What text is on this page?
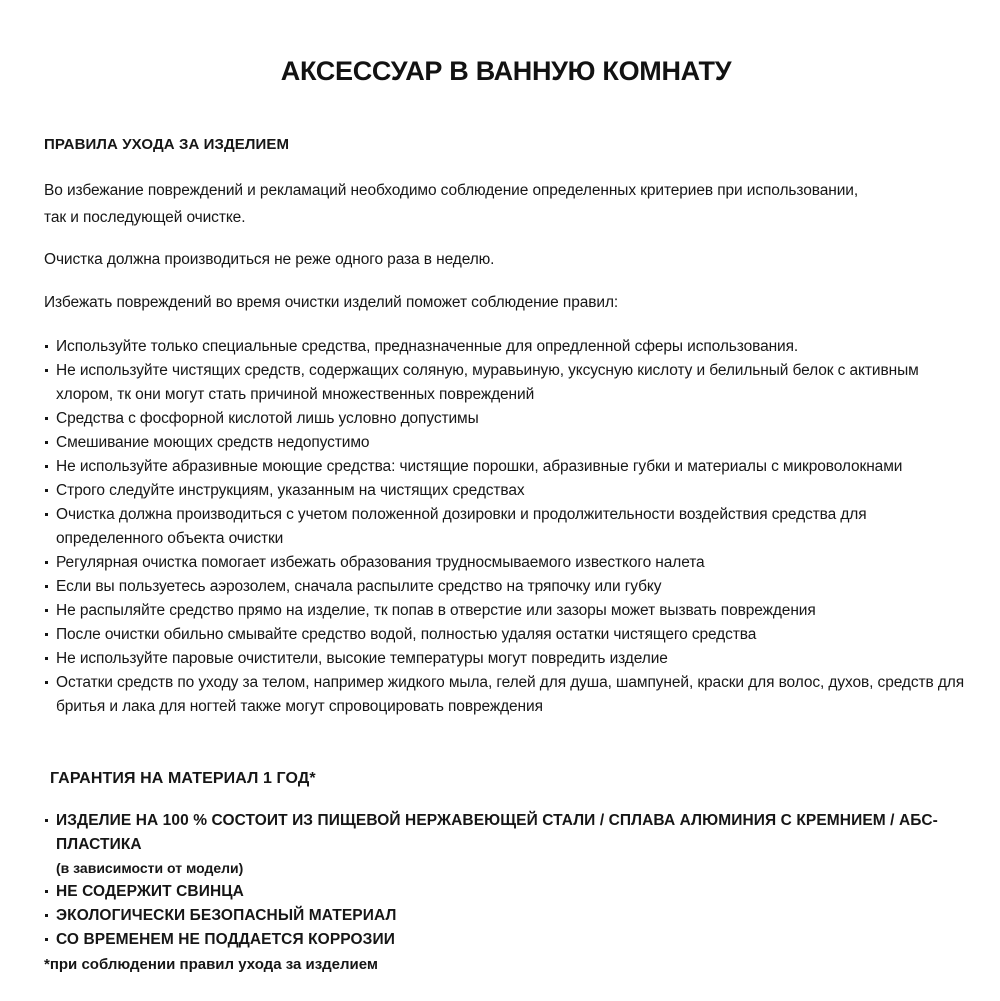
АКСЕССУАР В ВАННУЮ КОМНАТУ
ПРАВИЛА УХОДА ЗА ИЗДЕЛИЕМ

Во избежание повреждений и рекламаций необходимо соблюдение определенных критериев при использовании,
так и последующей очистке.

Очистка должна производиться не реже одного раза в неделю.

Избежать повреждений во время очистки изделий поможет соблюдение правил:

Используйте только специальные средства, предназначенные для опредленной сферы использования.
Не используйте чистящих средств, содержащих соляную, муравьиную, уксусную кислоту и белильный белок с активным хлором, тк они могут стать причиной множественных повреждений
Средства с фосфорной кислотой лишь условно допустимы
Смешивание моющих средств недопустимо
Не используйте абразивные моющие средства: чистящие порошки, абразивные губки и материалы с микроволокнами
Строго следуйте инструкциям, указанным на чистящих средствах
Очистка должна производиться с учетом положенной дозировки и продолжительности воздействия средства для определенного объекта очистки
Регулярная очистка помогает избежать образования трудносмываемого известкого налета
Если вы пользуетесь аэрозолем, сначала распылите средство на тряпочку или губку
Не распыляйте средство прямо на изделие, тк попав в отверстие или зазоры может вызвать повреждения
После очистки обильно смывайте средство водой, полностью удаляя остатки чистящего средства
Не используйте паровые очистители, высокие температуры могут повредить изделие
Остатки средств по уходу за телом, например жидкого мыла, гелей для душа, шампуней, краски для волос, духов, средств для бритья и лака для ногтей также могут спровоцировать повреждения
ГАРАНТИЯ НА МАТЕРИАЛ 1 ГОД*
ИЗДЕЛИЕ НА 100 % СОСТОИТ ИЗ ПИЩЕВОЙ НЕРЖАВЕЮЩЕЙ СТАЛИ / СПЛАВА АЛЮМИНИЯ С КРЕМНИЕМ / АБС-ПЛАСТИКА
(в зависимости от модели)
НЕ СОДЕРЖИТ СВИНЦА
ЭКОЛОГИЧЕСКИ БЕЗОПАСНЫЙ МАТЕРИАЛ
СО ВРЕМЕНЕМ НЕ ПОДДАЕТСЯ КОРРОЗИИ
*при соблюдении правил ухода за изделием
